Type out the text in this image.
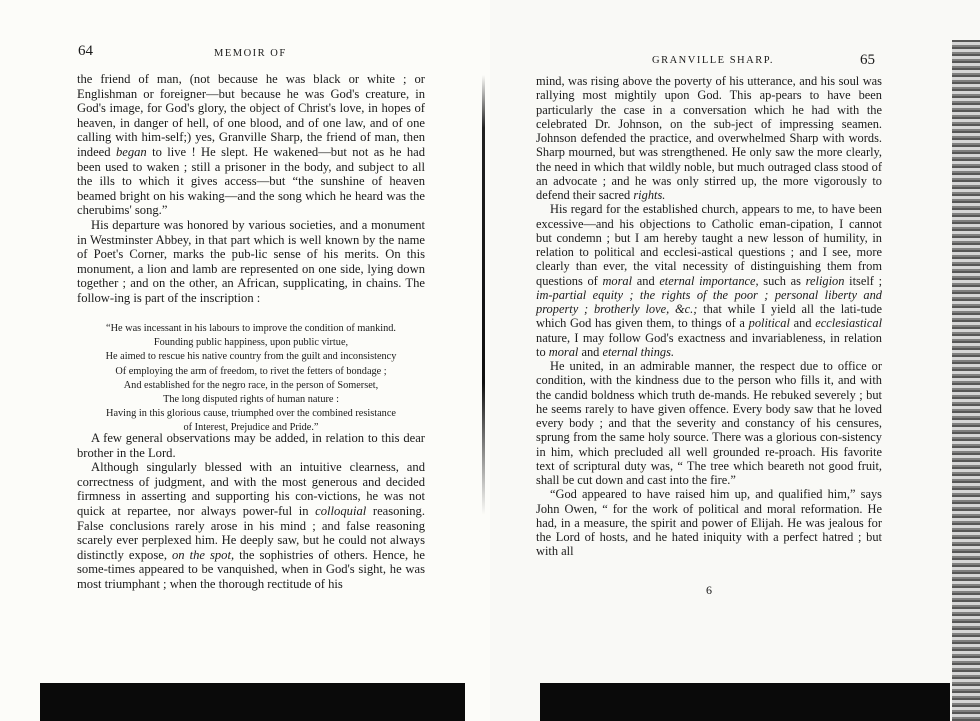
64	MEMOIR OF

the friend of man, (not because he was black or white ; or Englishman or foreigner—but because he was God's creature, in God's image, for God's glory, the object of Christ's love, in hopes of heaven, in danger of hell, of one blood, and of one law, and of one calling with him-self;) yes, Granville Sharp, the friend of man, then indeed began to live ! He slept. He wakened—but not as he had been used to waken ; still a prisoner in the body, and subject to all the ills to which it gives access—but “the sunshine of heaven beamed bright on his waking—and the song which he heard was the cherubims' song.”

His departure was honored by various societies, and a monument in Westminster Abbey, in that part which is well known by the name of Poet's Corner, marks the pub-lic sense of his merits. On this monument, a lion and lamb are represented on one side, lying down together ; and on the other, an African, supplicating, in chains. The follow-ing is part of the inscription :

“He was incessant in his labours to improve the condition of mankind.
Founding public happiness, upon public virtue,
He aimed to rescue his native country from the guilt and inconsistency
Of employing the arm of freedom, to rivet the fetters of bondage ;
And established for the negro race, in the person of Somerset,
The long disputed rights of human nature :
Having in this glorious cause, triumphed over the combined resistance
of Interest, Prejudice and Pride.”

A few general observations may be added, in relation to this dear brother in the Lord.

Although singularly blessed with an intuitive clearness, and correctness of judgment, and with the most generous and decided firmness in asserting and supporting his con-victions, he was not quick at repartee, nor always power-ful in colloquial reasoning. False conclusions rarely arose in his mind ; and false reasoning scarely ever perplexed him. He deeply saw, but he could not always distinctly expose, on the spot, the sophistries of others. Hence, he some-times appeared to be vanquished, when in God's sight, he was most triumphant ; when the thorough rectitude of his

GRANVILLE SHARP.	65

mind, was rising above the poverty of his utterance, and his soul was rallying most mightily upon God. This ap-pears to have been particularly the case in a conversation which he had with the celebrated Dr. Johnson, on the sub-ject of impressing seamen. Johnson defended the practice, and overwhelmed Sharp with words. Sharp mourned, but was strengthened. He only saw the more clearly, the need in which that wildly noble, but much outraged class stood of an advocate ; and he was only stirred up, the more vigorously to defend their sacred rights.

His regard for the established church, appears to me, to have been excessive—and his objections to Catholic eman-cipation, I cannot but condemn ; but I am hereby taught a new lesson of humility, in relation to political and ecclesi-astical questions ; and I see, more clearly than ever, the vital necessity of distinguishing them from questions of moral and eternal importance, such as religion itself ; im-partial equity ; the rights of the poor ; personal liberty and property ; brotherly love, &c.; that while I yield all the lati-tude which God has given them, to things of a political and ecclesiastical nature, I may follow God's exactness and invariableness, in relation to moral and eternal things.

He united, in an admirable manner, the respect due to office or condition, with the kindness due to the person who fills it, and with the candid boldness which truth de-mands. He rebuked severely ; but he seems rarely to have given offence. Every body saw that he loved every body ; and that the severity and constancy of his censures, sprung from the same holy source. There was a glorious con-sistency in him, which precluded all well grounded re-proach. His favorite text of scriptural duty was, “ The tree which beareth not good fruit, shall be cut down and cast into the fire.”

“God appeared to have raised him up, and qualified him,” says John Owen, “ for the work of political and moral reformation. He had, in a measure, the spirit and power of Elijah. He was jealous for the Lord of hosts, and he hated iniquity with a perfect hatred ; but with all

6
